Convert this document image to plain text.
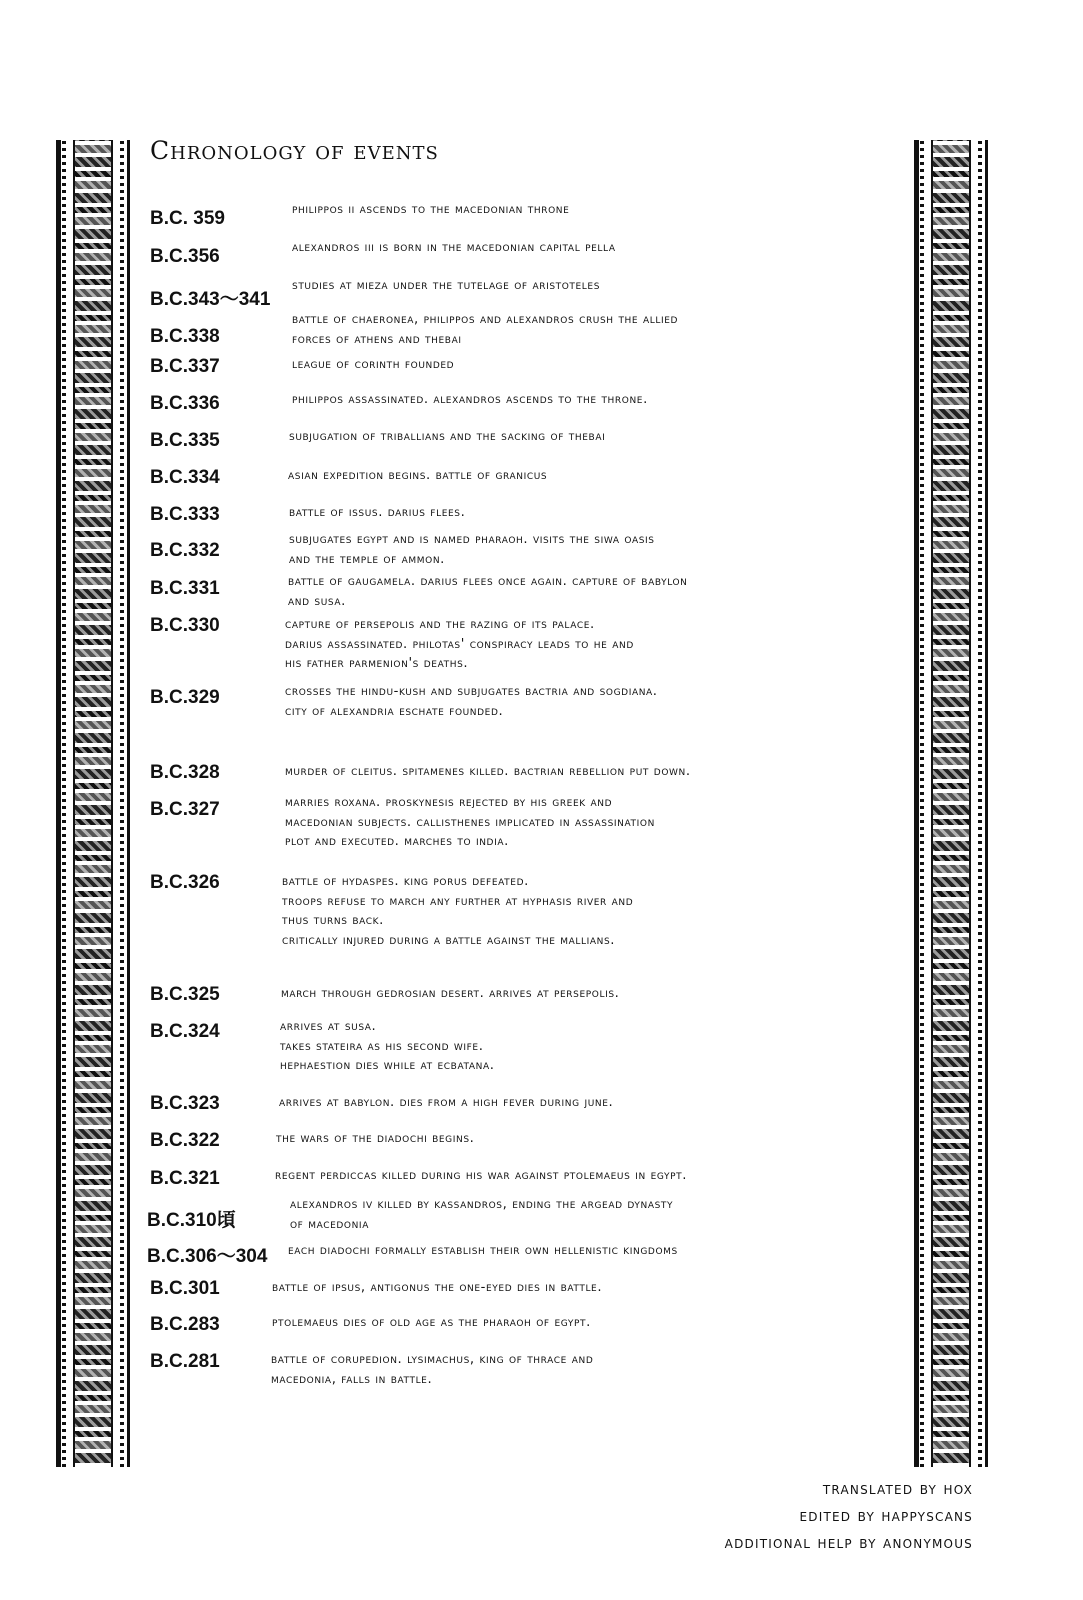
Chronology of events
B.C. 359	philippos ii ascends to the macedonian throne
B.C.356	alexandros iii is born in the macedonian capital pella
B.C.343～341
studies at mieza under the tutelage of aristoteles
B.C.338
battle of chaeronea, philippos and alexandros crush the allied
forces of athens and thebai
B.C.337	league of corinth founded
B.C.336	philippos assassinated. alexandros ascends to the throne.
B.C.335	subjugation of triballians and the sacking of thebai
B.C.334	asian expedition begins. battle of granicus
B.C.333	battle of issus. darius flees.
B.C.332
subjugates egypt and is named pharaoh. visits the siwa oasis
and the temple of ammon.
B.C.331	battle of gaugamela. darius flees once again. capture of babylon
and susa.
B.C.330	capture of persepolis and the razing of its palace.
darius assassinated. philotas' conspiracy leads to he and
his father parmenion's deaths.
B.C.329	crosses the hindu-kush and subjugates bactria and sogdiana.
city of alexandria eschate founded.
B.C.328	murder of cleitus. spitamenes killed. bactrian rebellion put down.
B.C.327	marries roxana. proskynesis rejected by his greek and
macedonian subjects. callisthenes implicated in assassination
plot and executed. marches to india.
B.C.326	battle of hydaspes. king porus defeated.
troops refuse to march any further at hyphasis river and
thus turns back.
critically injured during a battle against the mallians.
B.C.325	march through gedrosian desert. arrives at persepolis.
B.C.324	arrives at susa.
takes stateira as his second wife.
hephaestion dies while at ecbatana.
B.C.323	arrives at babylon. dies from a high fever during june.
B.C.322	the wars of the diadochi begins.
B.C.321	regent perdiccas killed during his war against ptolemaeus in egypt.
B.C.310頃
alexandros iv killed by kassandros, ending the argead dynasty
of macedonia
B.C.306～304 each diadochi formally establish their own hellenistic kingdoms
B.C.301	battle of ipsus, antigonus the one-eyed dies in battle.
B.C.283	ptolemaeus dies of old age as the pharaoh of egypt.
B.C.281	battle of corupedion. lysimachus, king of thrace and
macedonia, falls in battle.
translated by hox
edited by happyscans
additional help by anonymous
